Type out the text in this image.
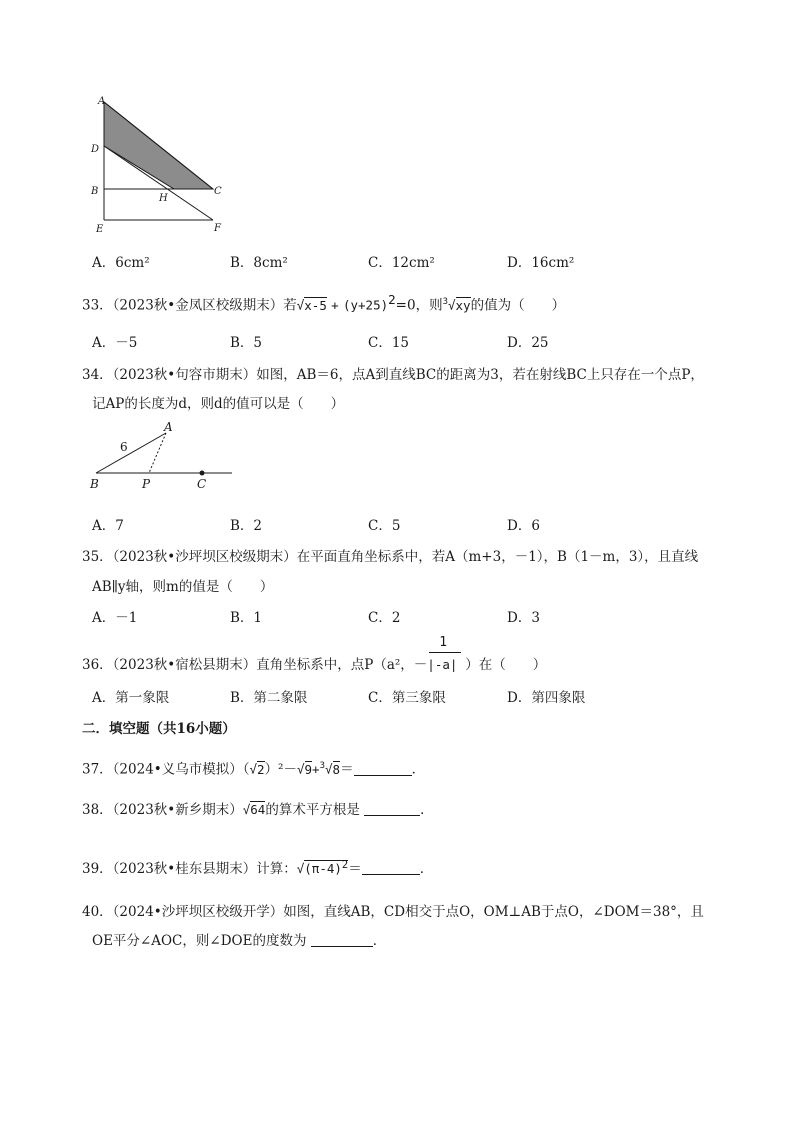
A
D
B	C
H
E	F
A．6cm²	B．8cm²	C．12cm²	D．16cm²
33．（2023秋•金凤区校级期末）若$√x-5 + (y+25)^2=0$，则$^3$√xy的值为（　　）
A．－5	B．5	C．15	D．25
34．（2023秋•句容市期末）如图，AB＝6，点A到直线BC的距离为3，若在射线BC上只存在一个点P，
记AP的长度为d，则d的值可以是（　　）
A
6
B	P	C
A．7	B．2	C．5	D．6
35．（2023秋•沙坪坝区校级期末）在平面直角坐标系中，若A（m+3，－1），B（1－m，3），且直线
AB∥y轴，则m的值是（　　）
A．－1	B．1	C．2	D．3
36．（2023秋•宿松县期末）直角坐标系中，点P（a²，－ $\frac{1}{|-a|}$ ）在（　　）
A．第一象限	B．第二象限	C．第三象限	D．第四象限
二．填空题（共16小题）
37．（2024•义乌市模拟）（√2）²－√9+$^3$√8＝	．
38．（2023秋•新乡期末）√64的算术平方根是	．
39．（2023秋•桂东县期末）计算：$√(\pi-4)^2=$	．
40．（2024•沙坪坝区校级开学）如图，直线AB，CD相交于点O，OM⊥AB于点O，∠DOM＝38°，且
OE平分∠AOC，则∠DOE的度数为	．
